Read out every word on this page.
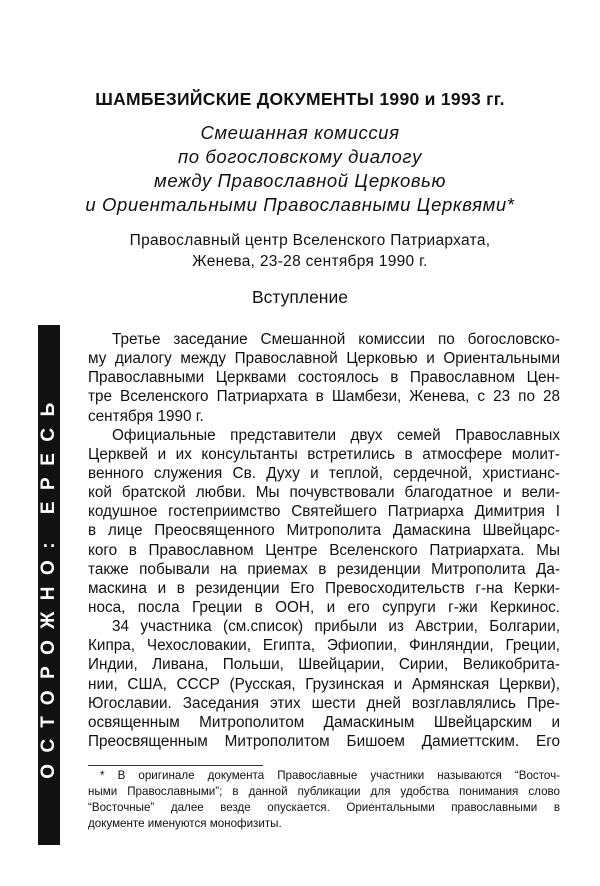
ШАМБЕЗИЙСКИЕ ДОКУМЕНТЫ 1990 и 1993 гг.
Смешанная комиссия
по богословскому диалогу
между Православной Церковью
и Ориентальными Православными Церквями*
Православный центр Вселенского Патриархата,
Женева, 23-28 сентября 1990 г.
Вступление
ОСТОРОЖНО: ЕРЕСЬ
Третье заседание Смешанной комиссии по богословско-
му диалогу между Православной Церковью и Ориентальными
Православными Церквами состоялось в Православном Цен-
тре Вселенского Патриархата в Шамбези, Женева, с 23 по 28
сентября 1990 г.
Официальные представители двух семей Православных
Церквей и их консультанты встретились в атмосфере молит-
венного служения Св. Духу и теплой, сердечной, христианс-
кой братской любви. Мы почувствовали благодатное и вели-
кодушное гостеприимство Святейшего Патриарха Димитрия I
в лице Преосвященного Митрополита Дамаскина Швейцарс-
кого в Православном Центре Вселенского Патриархата. Мы
также побывали на приемах в резиденции Митрополита Да-
маскина и в резиденции Его Превосходительств г-на Керки-
носа, посла Греции в ООН, и его супруги г-жи Керкинос.
34 участника (см.список) прибыли из Австрии, Болгарии,
Кипра, Чехословакии, Египта, Эфиопии, Финляндии, Греции,
Индии, Ливана, Польши, Швейцарии, Сирии, Великобрита-
нии, США, СССР (Русская, Грузинская и Армянская Церкви),
Югославии. Заседания этих шести дней возглавлялись Пре-
освященным Митрополитом Дамаскиным Швейцарским и
Преосвященным Митрополитом Бишоем Дамиеттским. Его
* В оригинале документа Православные участники называются “Восточ-
ными Православными”; в данной публикации для удобства понимания слово
“Восточные” далее везде опускается. Ориентальными православными в
документе именуются монофизиты.
